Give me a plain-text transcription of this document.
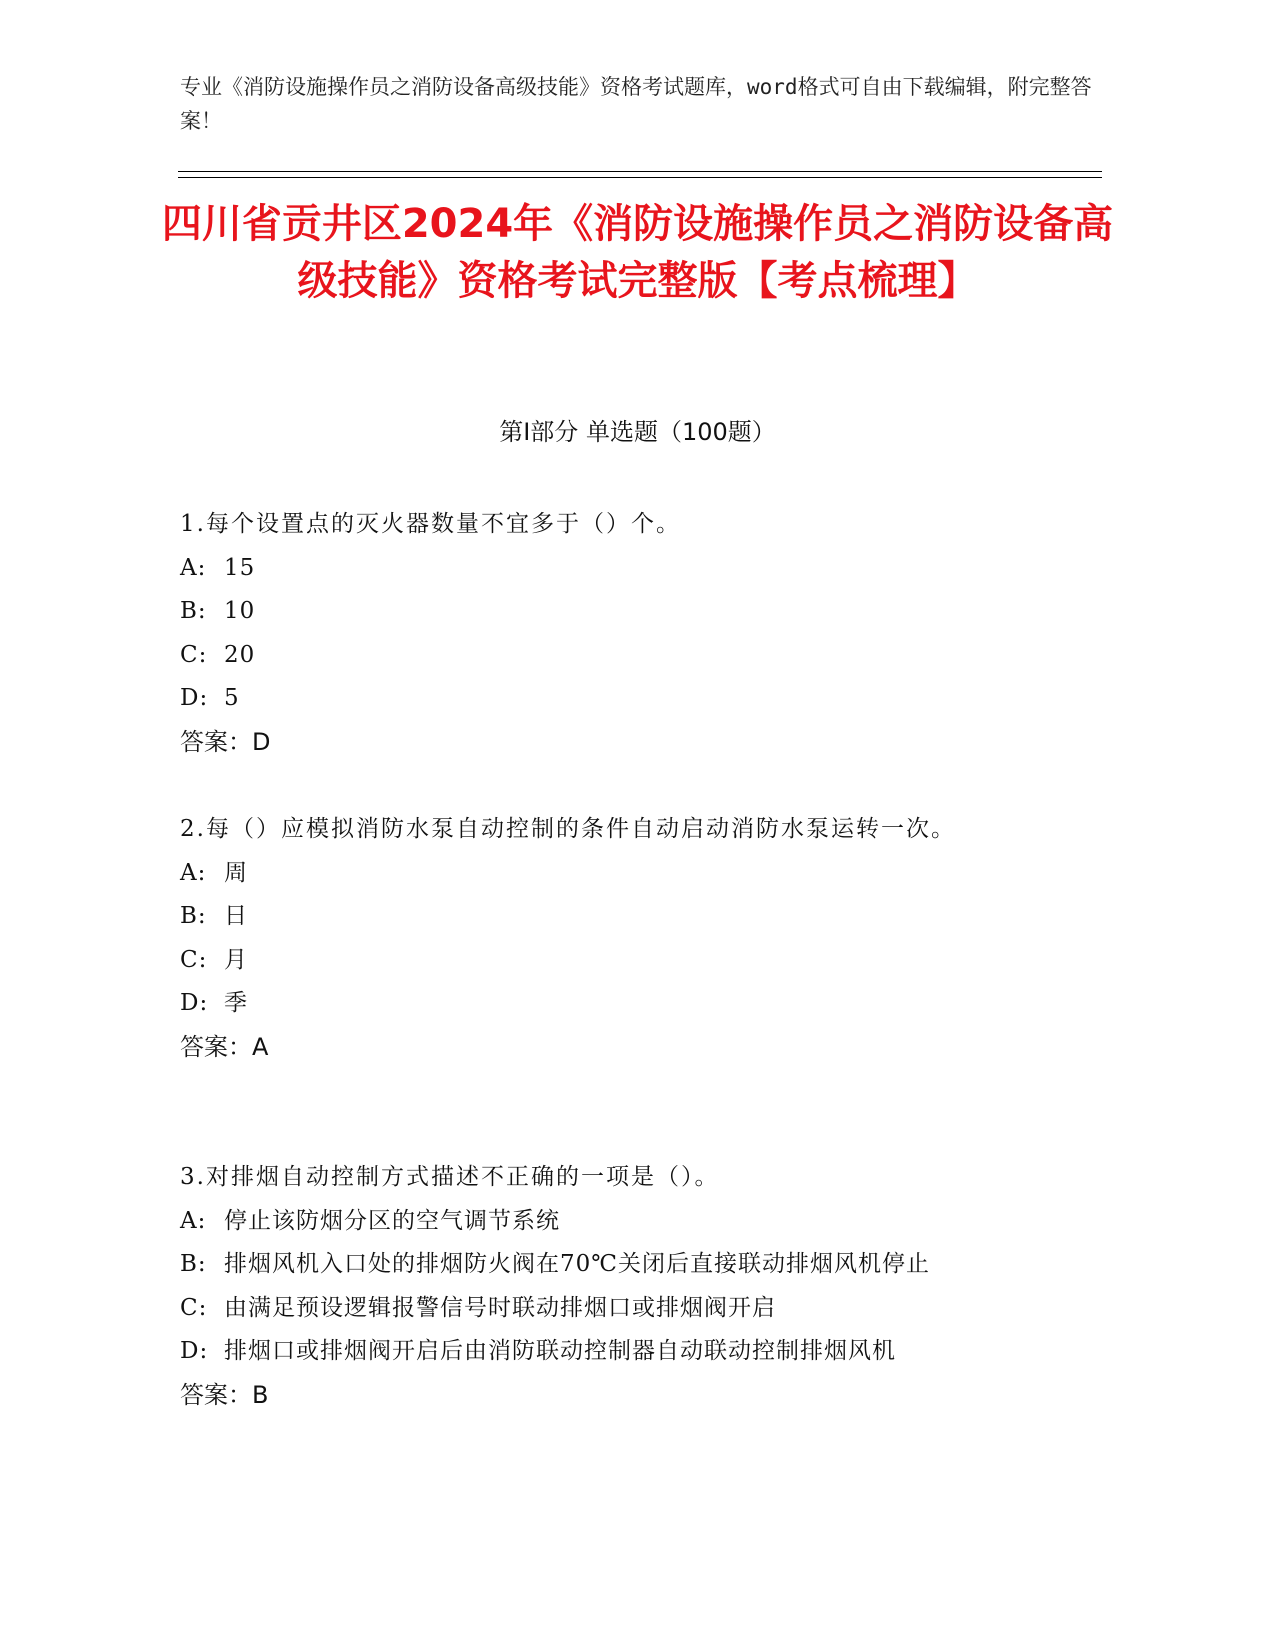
专业《消防设施操作员之消防设备高级技能》资格考试题库，word格式可自由下载编辑，附完整答案！
四川省贡井区2024年《消防设施操作员之消防设备高级技能》资格考试完整版【考点梳理】
第I部分 单选题（100题）

1.每个设置点的灭火器数量不宜多于（）个。

A: 15

B: 10

C: 20

D: 5

答案：D

2.每（）应模拟消防水泵自动控制的条件自动启动消防水泵运转一次。

A: 周

B: 日

C: 月

D: 季

答案：A

3.对排烟自动控制方式描述不正确的一项是（）。

A: 停止该防烟分区的空气调节系统

B: 排烟风机入口处的排烟防火阀在70℃关闭后直接联动排烟风机停止

C: 由满足预设逻辑报警信号时联动排烟口或排烟阀开启

D: 排烟口或排烟阀开启后由消防联动控制器自动联动控制排烟风机

答案：B
